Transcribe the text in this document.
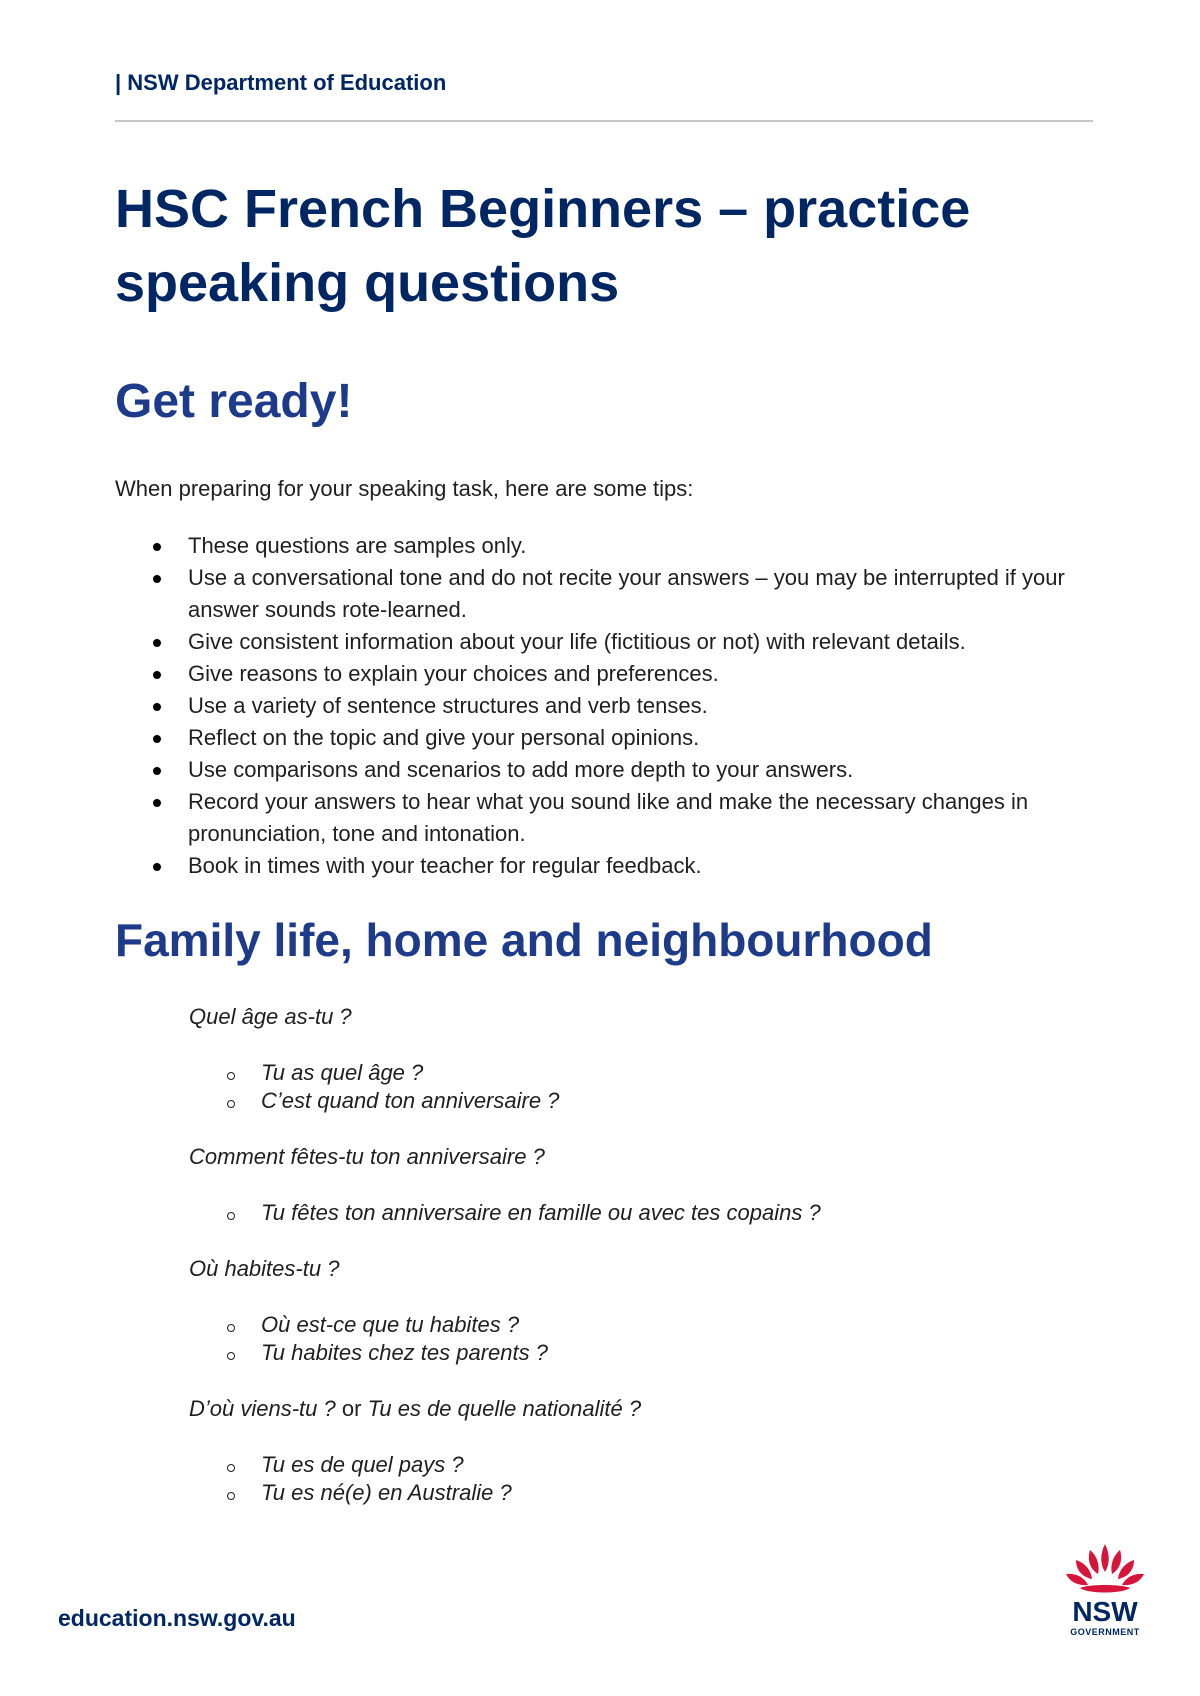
| NSW Department of Education
HSC French Beginners – practice speaking questions
Get ready!

When preparing for your speaking task, here are some tips:

These questions are samples only.
Use a conversational tone and do not recite your answers – you may be interrupted if your answer sounds rote-learned.
Give consistent information about your life (fictitious or not) with relevant details.
Give reasons to explain your choices and preferences.
Use a variety of sentence structures and verb tenses.
Reflect on the topic and give your personal opinions.
Use comparisons and scenarios to add more depth to your answers.
Record your answers to hear what you sound like and make the necessary changes in pronunciation, tone and intonation.
Book in times with your teacher for regular feedback.
Family life, home and neighbourhood

Quel âge as-tu ?

Tu as quel âge ?
C’est quand ton anniversaire ?

Comment fêtes-tu ton anniversaire ?

Tu fêtes ton anniversaire en famille ou avec tes copains ?

Où habites-tu ?

Où est-ce que tu habites ?
Tu habites chez tes parents ?

D’où viens-tu ? or Tu es de quelle nationalité ?

Tu es de quel pays ?
Tu es né(e) en Australie ?
education.nsw.gov.au	NSW
GOVERNMENT
